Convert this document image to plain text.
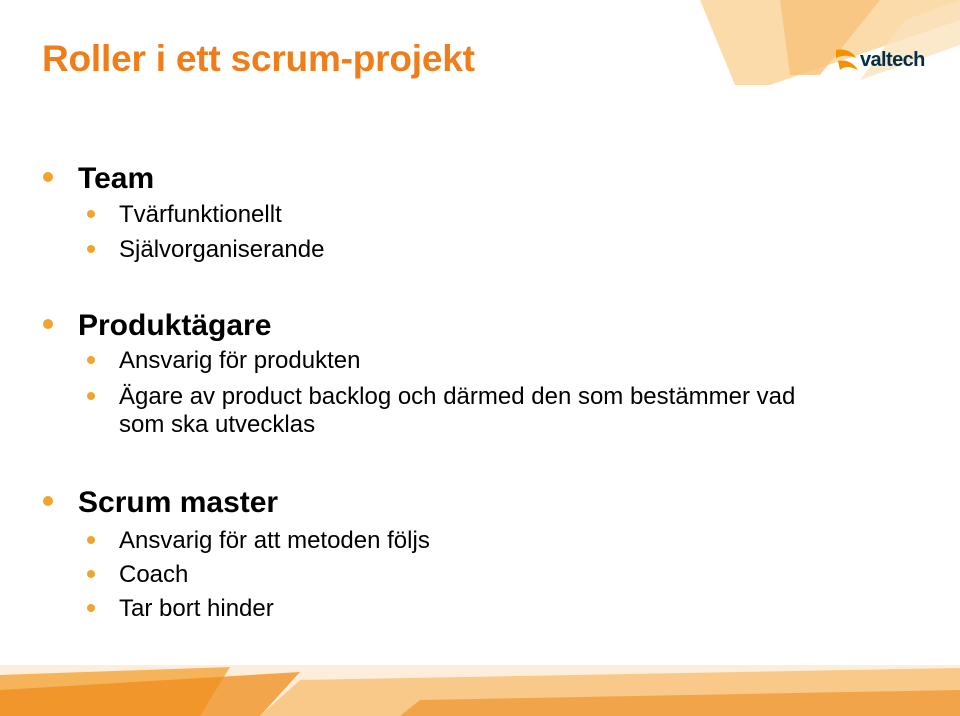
Roller i ett scrum-projekt	valtech
Team
Tvärfunktionellt
Självorganiserande
Produktägare
Ansvarig för produkten
Ägare av product backlog och därmed den som bestämmer vad
som ska utvecklas
Scrum master
Ansvarig för att metoden följs
Coach
Tar bort hinder
